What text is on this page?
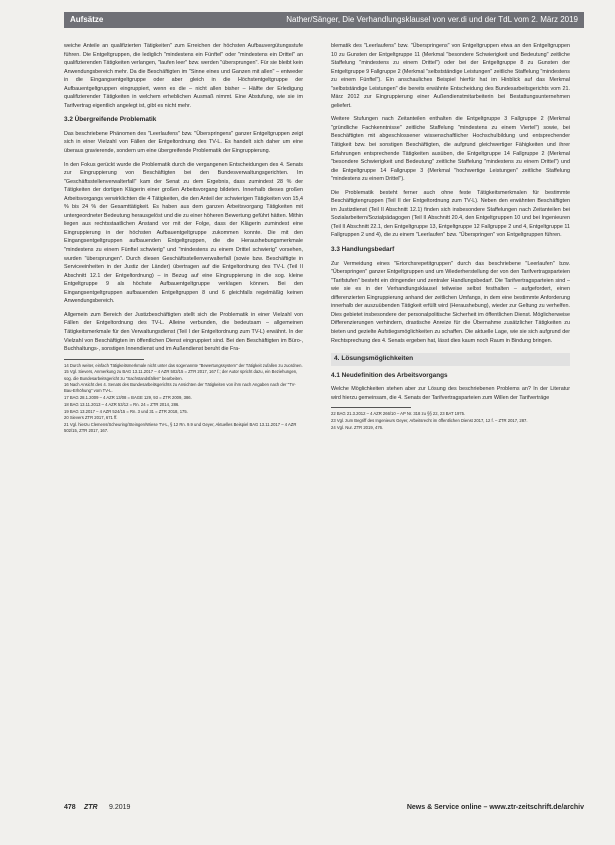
Aufsätze	Nather/Sänger, Die Verhandlungsklausel von ver.di und der TdL vom 2. März 2019
weiche Anteile an qualifizierten Tätigkeiten" zum Erreichen der höchsten Aufbauvergütungsstufe führen. Die Entgeltgruppen, die lediglich "mindestens ein Fünftel" oder "mindestens ein Drittel" an qualifizierenden Tätigkeiten verlangen, "laufen leer" bzw. werden "übersprungen". Für sie bleibt kein Anwendungsbereich mehr. Da die Beschäftigten im "Sinne eines und Ganzen mit allen" – entweder in die Eingangsentgeltgruppe oder aber gleich in die Höchstentgeltgruppe der Aufbauentgeltgruppen eingruppiert, wenn es die – nicht allen bisher – Hälfte der Erledigung qualifizierender Tätigkeiten in welchem erheblichen Ausmaß nimmt. Eine Abstufung, wie sie im Tarifvertrag eigentlich angelegt ist, gibt es nicht mehr.
3.2 Übergreifende Problematik
Das beschriebene Phänomen des "Leerlaufens" bzw. "Überspringens" ganzer Entgeltgruppen zeigt sich in einer Vielzahl von Fällen der Entgeltordnung des TV-L. Es handelt sich daher um eine überaus gravierende, sondern um eine übergreifende Problematik der Eingruppierung.
In den Fokus gerückt wurde die Problematik durch die vergangenen Entscheidungen des 4. Senats zur Eingruppierung von Beschäftigten bei den Bundesverwaltungsgerichten. Im "Geschäftsstellenverwalterfall" kam der Senat zu dem Ergebnis, dass zumindest 28 % der Tätigkeiten der dortigen Klägerin einer großen Arbeitsvorgang bildeten. Innerhalb dieses großen Arbeitsvorgangs verwirklichten die 4 Tätigkeiten, die den Anteil der schwierigen Tätigkeiten von 15,4 % bis 24 % der Gesamttätigkeit. Es haben aus dem ganzen Arbeitsvorgang Tätigkeiten mit untergeordneter Bedeutung herausgelöst und die zu einer höheren Bewertung geführt hätten. Mithin liegen aus rechtsstaatlichen Anstand vor mit der Folge, dass der Klägerin zumindest eine Eingruppierung in der höchsten Aufbauentgeltgruppe zukommen konnte. Die mit den Eingangsentgeltgruppen aufbauenden Entgeltgruppen, die die Heraushebungsmerkmale "mindestens zu einem Fünftel schwierig" und "mindestens zu einem Drittel schwierig" vorsehen, wurden "übersprungen". Durch diesen Geschäftsstellenverwalterfall (sowie bzw. Beschäftigte in Serviceeinheiten in der Justiz der Länder) übertragen auf die Entgeltordnung des TV-L (Teil II Abschnitt 12.1 der Entgeltordnung) – in Bezug auf eine Eingruppierung in die sog. kleine Entgeltgruppe 9 als höchste Aufbauentgeltgruppe verklagen können. Bei den Eingangsentgeltgruppen aufbauenden Entgeltgruppen 8 und 6 gleichfalls regelmäßig keinen Anwendungsbereich.
Allgemein zum Bereich der Justizbeschäftigten stellt sich die Problematik in einer Vielzahl von Fällen der Entgeltordnung des TV-L. Alleine verbunden, die bedeutsam – allgemeinen Tätigkeitsmerkmale für den Verwaltungsdienst (Teil I der Entgeltordnung zum TV-L) erwähnt. In der Vielzahl von Beschäftigten im öffentlichen Dienst eingruppiert sind. Bei den Beschäftigten im Büro-, Buchhaltungs-, sonstigen Innendienst und im Außendienst beruht die Fra-
14 Durch weiter, einfach Tätigkeitsmerkmale nicht unter das sogenannte "Bewertungssystem" der Tätigkeit zufallen zu zuordnen.
15 Vgl. Sievers, Anmerkung zu BAG 13.11.2017 – 4 AZR 502/15 = ZTR 2017, 167 f.; der Autor spricht dazu, ein Beziehungen, sog. die Bundesarbeitsgericht zu "Sachstandsfällen" bearbeiten.
16 Nach Ansicht des 4. Senats des Bundesarbeitsgerichts zu Ansichten der Tätigkeiten von ihm nach Angaben nach der "TV-Bau-Erhöhung" vom TV-L.
17 BAG 28.1.2009 – 4 AZR 13/08 = BAGE 129, 93 = ZTR 2009, 386.
18 BAG 13.11.2013 – 4 AZR 53/12 = Rn. 24 = ZTR 2014, 286.
19 BAG 13.2017 – 4 AZR 524/15 = Rn. 3 und 31 = ZTR 2018, 175.
20 Sievers ZTR 2017, 671 ff.
21 Vgl. hierzu Clemens/Scheuring/Steingen/Wiese TV-L, § 12 Rn. 9.9 und Geyer, Aktuelles Beispiel BAG 13.11.2017 – 4 AZR 502/15, ZTR 2017, 167.
blematik des "Leerlaufens" bzw. "Überspringens" von Entgeltgruppen etwa an den Entgeltgruppen 10 zu Gunsten der Entgeltgruppe 11 (Merkmal "besondere Schwierigkeit und Bedeutung" zeitliche Staffelung "mindestens zu einem Drittel") oder bei der Entgeltgruppe 8 zu Gunsten der Entgeltgruppe 9 Fallgruppe 2 (Merkmal "selbstständige Leistungen" zeitliche Staffelung "mindestens zu einem Fünftel"). Ein anschauliches Beispiel hierfür hat im Hinblick auf das Merkmal "selbstständige Leistungen" die bereits erwähnte Entscheidung des Bundesarbeitsgerichts vom 21. März 2012 zur Eingruppierung einer Außendienstmitarbeiterin bei Bestattungsunternehmen geliefert.
Weitere Stufungen nach Zeitanteilen enthalten die Entgeltgruppe 3 Fallgruppe 2 (Merkmal "gründliche Fachkenntnisse" zeitliche Staffelung "mindestens zu einem Viertel") sowie, bei Beschäftigten mit abgeschlossener wissenschaftlicher Hochschulbildung und entsprechender Tätigkeit bzw. bei sonstigen Beschäftigten, die aufgrund gleichwertiger Fähigkeiten und ihrer Erfahrungen entsprechende Tätigkeiten ausüben, die Entgeltgruppe 14 Fallgruppe 2 (Merkmal "besondere Schwierigkeit und Bedeutung" zeitliche Staffelung "mindestens zu einem Drittel") und die Entgeltgruppe 14 Fallgruppe 3 (Merkmal "hochwertige Leistungen" zeitliche Staffelung "mindestens zu einem Drittel").
Die Problematik besteht ferner auch ohne feste Tätigkeitsmerkmalen für bestimmte Beschäftigtengruppen (Teil II der Entgeltordnung zum TV-L). Neben den erwähnten Beschäftigten im Justizdienst (Teil II Abschnitt 12.1) finden sich insbesondere Staffelungen nach Zeitanteilen bei Sozialarbeitern/Sozialpädagogen (Teil II Abschnitt 20.4, den Entgeltgruppen 10 und bei Ingenieuren (Teil II Abschnitt 22.1, den Entgeltgruppe 13, Entgeltgruppe 12 Fallgruppe 2 und 4, Entgeltgruppe 11 Fallgruppen 2 und 4), die zu einem "Leerlaufen" bzw. "Überspringen" von Entgeltgruppen führen.
3.3 Handlungsbedarf
Zur Vermeidung eines "Ertorchsrepetitgruppen" durch das beschriebene "Leerlaufen" bzw. "Überspringen" ganzer Entgeltgruppen und um Wiederherstellung der von den Tarifvertragsparteien "Tarifstufen" besteht ein dringender und zentraler Handlungsbedarf. Die Tarifvertragsparteien sind – wie sie es in der Verhandlungsklausel teilweise selbst festhalten – aufgefordert, einen differenzierten Eingruppierung anhand der zeitlichen Umfangs, in dem eine bestimmte Anforderung innerhalb der auszuübenden Tätigkeit erfüllt wird (Heraushebung), wieder zur Geltung zu verhelfen. Dies gebietet insbesondere der personalpolitische Sicherheit im öffentlichen Dienst. Möglicherweise Differenzierungen verhindern, drastische Anreize für die Übernahme zusätzlicher Tätigkeiten zu bieten und gezielte Aufstiegsmöglichkeiten zu schaffen. Die aktuelle Lage, wie sie sich aufgrund der Rechtsprechung des 4. Senats ergeben hat, lässt dies kaum noch Raum in Bindung bringen.
4. Lösungsmöglichkeiten
4.1 Neudefinition des Arbeitsvorgangs
Welche Möglichkeiten stehen aber zur Lösung des beschriebenen Problems an? In der Literatur wird hierzu gemeinsam, die 4. Senats der Tarifvertragsparteien zum Willen der Tarifverträge
22 BAG 21.3.2012 – 4 AZR 266/10 – AP Nr. 318 zu §§ 22, 23 BAT 1975.
23 Vgl. zum Begriff des Ingenieurs Geyer, Arbeitsrecht im öffentlichen Dienst 2017, 12 f. – ZTR 2017, 287.
24 Vgl. Nur. ZTR 2019, 476.
478 ZTR 9.2019	News & Service online – www.ztr-zeitschrift.de/archiv
